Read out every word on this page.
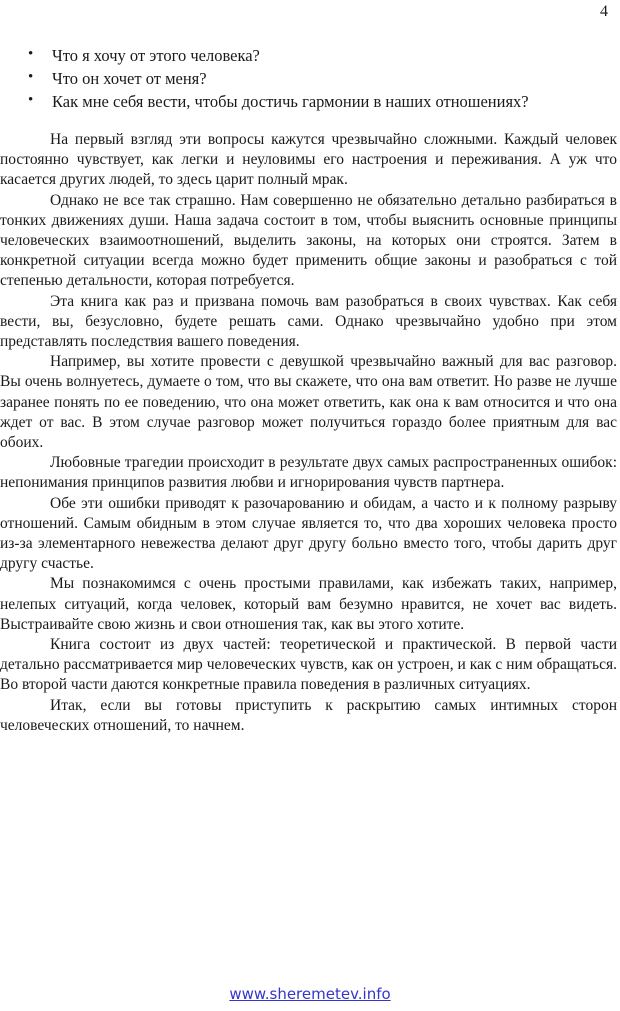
4
• Что я хочу от этого человека?
• Что он хочет от меня?
• Как мне себя вести, чтобы достичь гармонии в наших отношениях?

На первый взгляд эти вопросы кажутся чрезвычайно сложными. Каждый человек постоянно чувствует, как легки и неуловимы его настроения и переживания. А уж что касается других людей, то здесь царит полный мрак.

Однако не все так страшно. Нам совершенно не обязательно детально разбираться в тонких движениях души. Наша задача состоит в том, чтобы выяснить основные принципы человеческих взаимоотношений, выделить законы, на которых они строятся. Затем в конкретной ситуации всегда можно будет применить общие законы и разобраться с той степенью детальности, которая потребуется.

Эта книга как раз и призвана помочь вам разобраться в своих чувствах. Как себя вести, вы, безусловно, будете решать сами. Однако чрезвычайно удобно при этом представлять последствия вашего поведения.

Например, вы хотите провести с девушкой чрезвычайно важный для вас разговор. Вы очень волнуетесь, думаете о том, что вы скажете, что она вам ответит. Но разве не лучше заранее понять по ее поведению, что она может ответить, как она к вам относится и что она ждет от вас. В этом случае разговор может получиться гораздо более приятным для вас обоих.

Любовные трагедии происходит в результате двух самых распространенных ошибок: непонимания принципов развития любви и игнорирования чувств партнера.

Обе эти ошибки приводят к разочарованию и обидам, а часто и к полному разрыву отношений. Самым обидным в этом случае является то, что два хороших человека просто из-за элементарного невежества делают друг другу больно вместо того, чтобы дарить друг другу счастье.

Мы познакомимся с очень простыми правилами, как избежать таких, например, нелепых ситуаций, когда человек, который вам безумно нравится, не хочет вас видеть. Выстраивайте свою жизнь и свои отношения так, как вы этого хотите.

Книга состоит из двух частей: теоретической и практической. В первой части детально рассматривается мир человеческих чувств, как он устроен, и как с ним обращаться. Во второй части даются конкретные правила поведения в различных ситуациях.

Итак, если вы готовы приступить к раскрытию самых интимных сторон человеческих отношений, то начнем.

www.sheremetev.info
